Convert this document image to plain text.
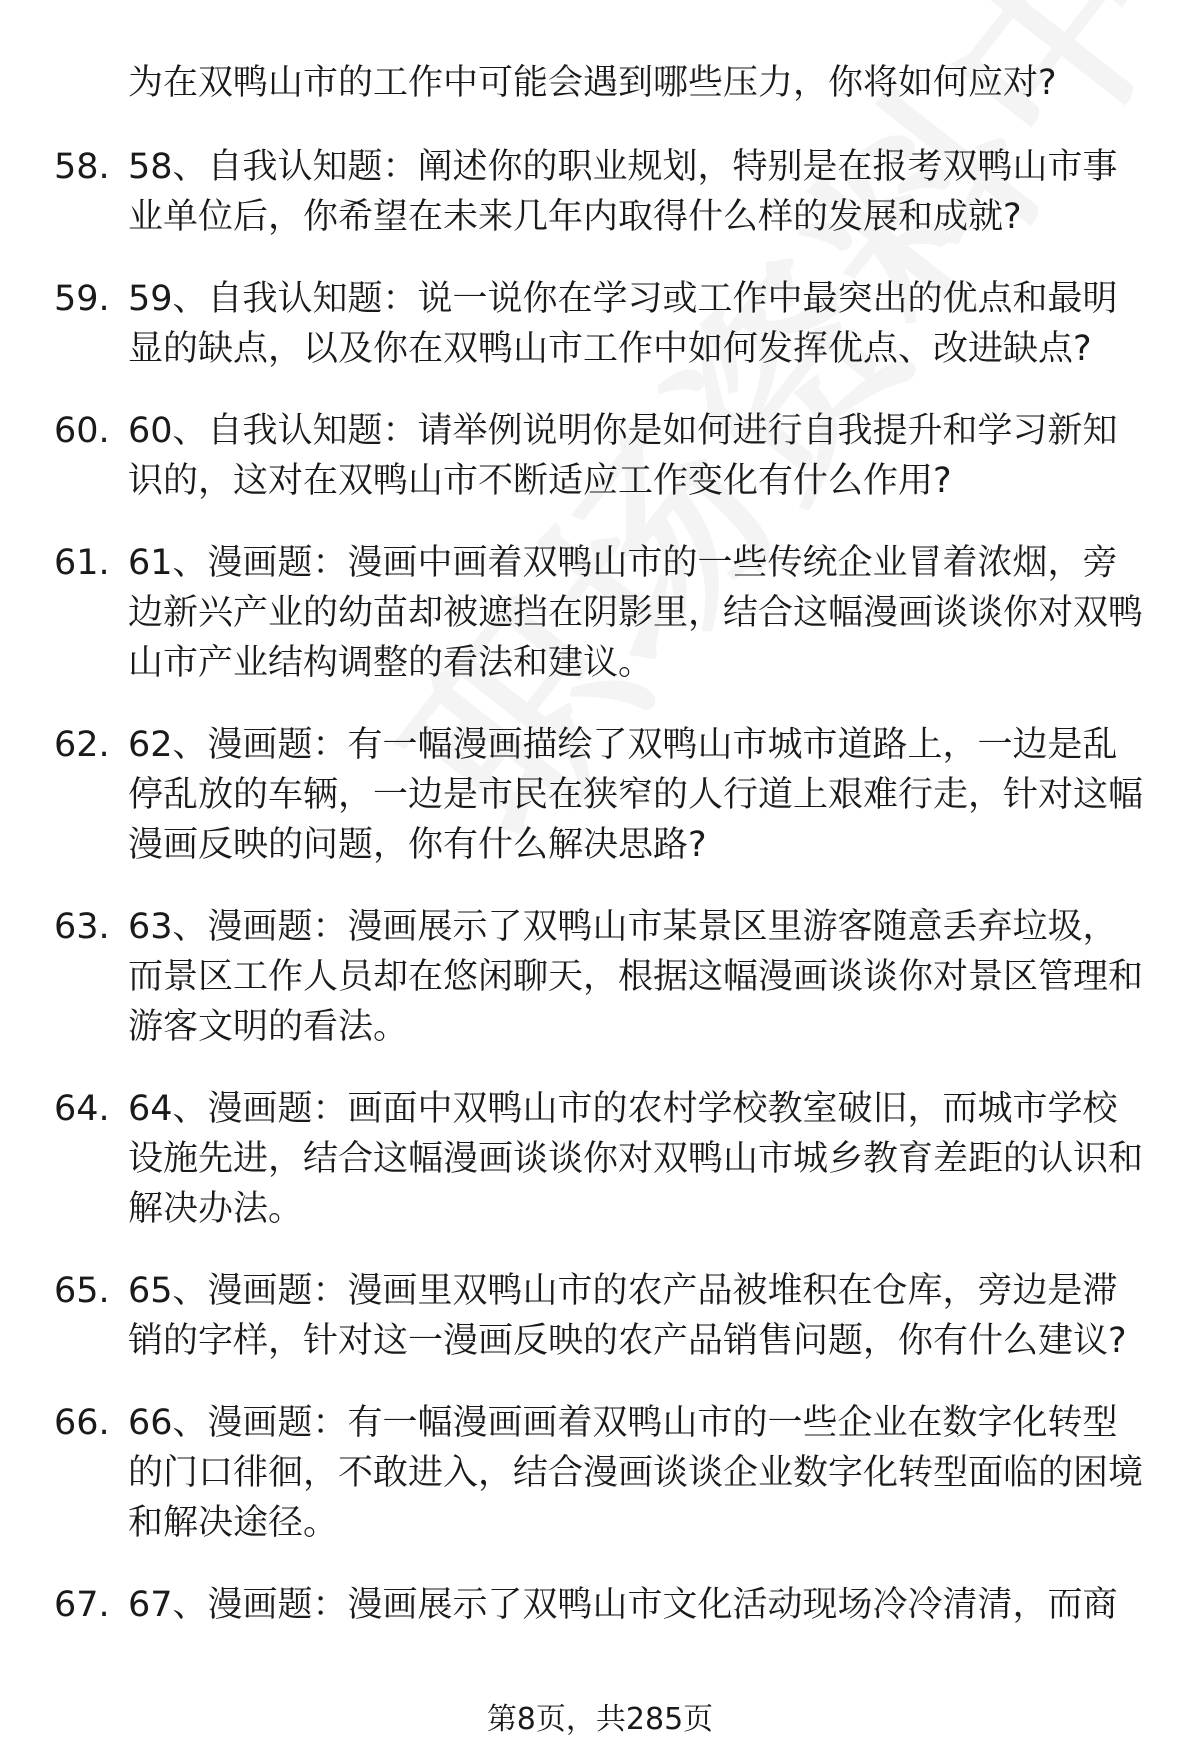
为在双鸭山市的工作中可能会遇到哪些压力，你将如何应对?
58. 58、自我认知题：阐述你的职业规划，特别是在报考双鸭山市事业单位后，你希望在未来几年内取得什么样的发展和成就?
59. 59、自我认知题：说一说你在学习或工作中最突出的优点和最明显的缺点，以及你在双鸭山市工作中如何发挥优点、改进缺点?
60. 60、自我认知题：请举例说明你是如何进行自我提升和学习新知识的，这对在双鸭山市不断适应工作变化有什么作用?
61. 61、漫画题：漫画中画着双鸭山市的一些传统企业冒着浓烟，旁边新兴产业的幼苗却被遮挡在阴影里，结合这幅漫画谈谈你对双鸭山市产业结构调整的看法和建议。
62. 62、漫画题：有一幅漫画描绘了双鸭山市城市道路上，一边是乱停乱放的车辆，一边是市民在狭窄的人行道上艰难行走，针对这幅漫画反映的问题，你有什么解决思路?
63. 63、漫画题：漫画展示了双鸭山市某景区里游客随意丢弃垃圾，而景区工作人员却在悠闲聊天，根据这幅漫画谈谈你对景区管理和游客文明的看法。
64. 64、漫画题：画面中双鸭山市的农村学校教室破旧，而城市学校设施先进，结合这幅漫画谈谈你对双鸭山市城乡教育差距的认识和解决办法。
65. 65、漫画题：漫画里双鸭山市的农产品被堆积在仓库，旁边是滞销的字样，针对这一漫画反映的农产品销售问题，你有什么建议?
66. 66、漫画题：有一幅漫画画着双鸭山市的一些企业在数字化转型的门口徘徊，不敢进入，结合漫画谈谈企业数字化转型面临的困境和解决途径。
67. 67、漫画题：漫画展示了双鸭山市文化活动现场冷冷清清，而商
第8页，共285页
